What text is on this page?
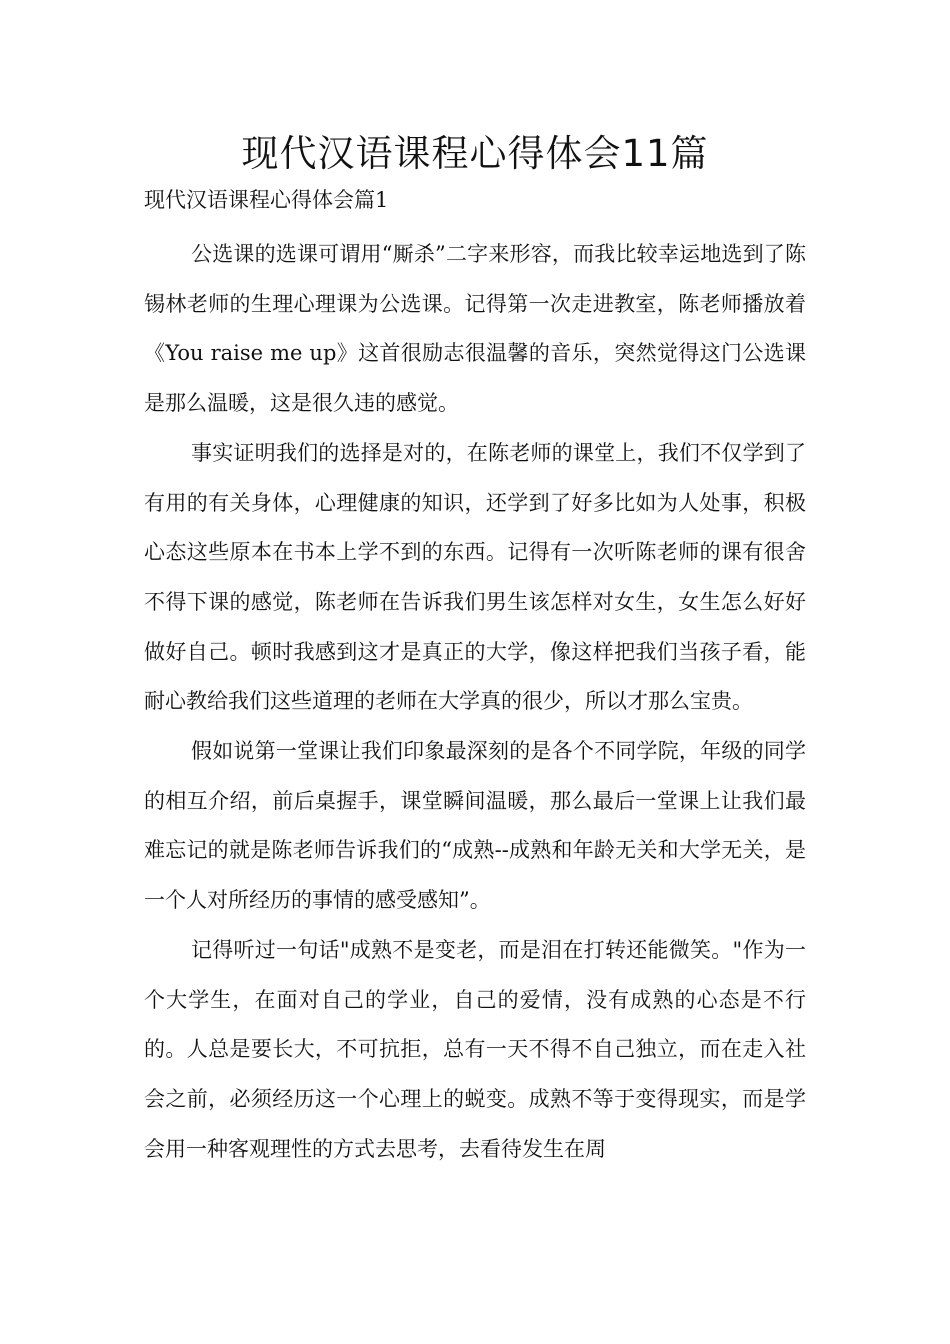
现代汉语课程心得体会11篇
现代汉语课程心得体会篇1

公选课的选课可谓用“厮杀”二字来形容，而我比较幸运地选到了陈锡林老师的生理心理课为公选课。记得第一次走进教室，陈老师播放着《You raise me up》这首很励志很温馨的音乐，突然觉得这门公选课是那么温暖，这是很久违的感觉。

事实证明我们的选择是对的，在陈老师的课堂上，我们不仅学到了有用的有关身体，心理健康的知识，还学到了好多比如为人处事，积极心态这些原本在书本上学不到的东西。记得有一次听陈老师的课有很舍不得下课的感觉，陈老师在告诉我们男生该怎样对女生，女生怎么好好做好自己。顿时我感到这才是真正的大学，像这样把我们当孩子看，能耐心教给我们这些道理的老师在大学真的很少，所以才那么宝贵。

假如说第一堂课让我们印象最深刻的是各个不同学院，年级的同学的相互介绍，前后桌握手，课堂瞬间温暖，那么最后一堂课上让我们最难忘记的就是陈老师告诉我们的“成熟--成熟和年龄无关和大学无关，是一个人对所经历的事情的感受感知”。

记得听过一句话"成熟不是变老，而是泪在打转还能微笑。"作为一个大学生，在面对自己的学业，自己的爱情，没有成熟的心态是不行的。人总是要长大，不可抗拒，总有一天不得不自己独立，而在走入社会之前，必须经历这一个心理上的蜕变。成熟不等于变得现实，而是学会用一种客观理性的方式去思考，去看待发生在周
